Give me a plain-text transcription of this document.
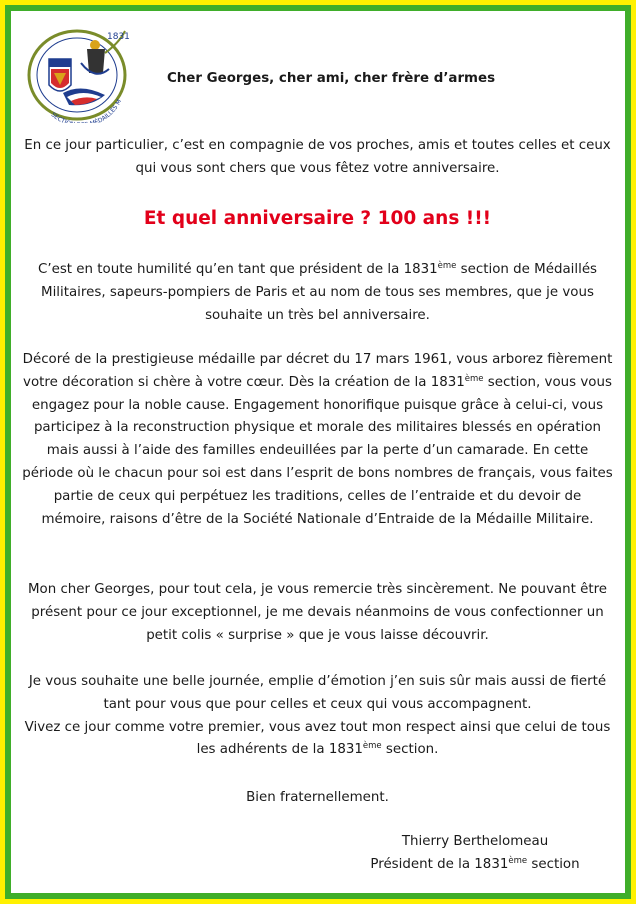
1831
SECTI ÉDAILLÉS M
Cher Georges, cher ami, cher frère d’armes
En ce jour particulier, c’est en compagnie de vos proches, amis et toutes celles et ceux qui vous sont chers que vous fêtez votre anniversaire.
Et quel anniversaire ? 100 ans !!!
C’est en toute humilité qu’en tant que président de la 1831ème section de Médaillés Militaires, sapeurs-pompiers de Paris et au nom de tous ses membres, que je vous souhaite un très bel anniversaire.
Décoré de la prestigieuse médaille par décret du 17 mars 1961, vous arborez fièrement votre décoration si chère à votre cœur. Dès la création de la 1831ème section, vous vous engagez pour la noble cause. Engagement honorifique puisque grâce à celui-ci, vous participez à la reconstruction physique et morale des militaires blessés en opération mais aussi à l’aide des familles endeuillées par la perte d’un camarade. En cette période où le chacun pour soi est dans l’esprit de bons nombres de français, vous faites partie de ceux qui perpétuez les traditions, celles de l’entraide et du devoir de mémoire, raisons d’être de la Société Nationale d’Entraide de la Médaille Militaire.
Mon cher Georges, pour tout cela, je vous remercie très sincèrement. Ne pouvant être présent pour ce jour exceptionnel, je me devais néanmoins de vous confectionner un petit colis « surprise » que je vous laisse découvrir.
Je vous souhaite une belle journée, emplie d’émotion j’en suis sûr mais aussi de fierté tant pour vous que pour celles et ceux qui vous accompagnent.
Vivez ce jour comme votre premier, vous avez tout mon respect ainsi que celui de tous les adhérents de la 1831ème section.
Bien fraternellement.
Thierry Berthelomeau
Président de la 1831ème section
